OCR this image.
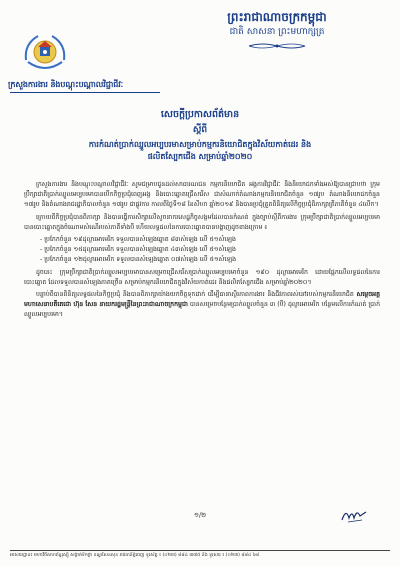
ព្រះរាជាណាចក្រកម្ពុជា
ជាតិ សាសនា ព្រះមហាក្សត្រ
ក្រសួងការងារ និងបណ្តុះបណ្តាលវិជ្ជាជីវៈ
សេចក្តីប្រកាសព័ត៌មាន
ស្តីពី
ការកំណត់ប្រាក់ឈ្នួលអប្បបរមាសម្រាប់កម្មករនិយោជិតក្នុងវិស័យកាត់ដេរ និង
ផលិតស្បែកជើង សម្រាប់ឆ្នាំ២០២០
ក្រសួងការងារ និងបណ្តុះបណ្តាលវិជ្ជាជីវៈ សូមជម្រាបជូនដល់សាធារណជន កម្មករនិយោជិត អង្គការវិជ្ជាជីវៈ និងនិយោជកទាំងអស់ឱ្យបានជ្រាបថា ក្រុមប្រឹក្សាជាតិប្រាក់ឈ្នួលអប្បបរមាបានបើកកិច្ចប្រជុំពេញអង្គ និងបោះឆ្នោតជ្រើសរើស ជាសំណាក់តំណាងកម្មករនិយោជិតចំនួន ១៧រូប តំណាងនិយោជកចំនួន ១៧រូប និងតំណាងរាជរដ្ឋាភិបាលចំនួន ១៧រូប ជាផ្លូវការ កាលពីថ្ងៃទី១៨ ខែសីហា ឆ្នាំ២០១៩ និងបានប្រជុំត្រួតពិនិត្យលើកិច្ចប្រជុំពិភាក្សាត្រីភាគីចំនួន ៤លើក។
ក្រោយពីកិច្ចប្រជុំបានពិភាក្សា និងបានធ្វើការសិក្សាលើសូចនាករសេដ្ឋកិច្ចសង្គមដែលបានកំណត់ ក្នុងច្បាប់ស្តីពីការងារ ក្រុមប្រឹក្សាជាតិប្រាក់ឈ្នួលអប្បបរមាបានបោះឆ្នោតក្នុងចំណោមសំណើរបស់ភាគីទាំងបី ហើយលទ្ធផលនៃការបោះឆ្នោតបានបង្ហាញដូចខាងក្រោម ៖
- ប្រកែកចំនួន ១៩ដុល្លារអាមេរិក ទទួលបានសំឡេងឆ្នោត ៨៣សំឡេង លើ ៥១សំឡេង
- ប្រកែកចំនួន ១៥ដុល្លារអាមេរិក ទទួលបានសំឡេងឆ្នោត ៤៣សំឡេង លើ ៥១សំឡេង
- ប្រកែកចំនួន ១២ដុល្លារអាមេរិក ទទួលបានសំឡេងឆ្នោត ០៧សំឡេង លើ ៥១សំឡេង
ដូចនេះ ក្រុមប្រឹក្សាជាតិប្រាក់ឈ្នួលអប្បបរមាបានសម្រេចជ្រើសរើសប្រាក់ឈ្នួលអប្បបរមាចំនួន ១៩០ ដុល្លារអាមេរិក ដោយផ្អែកលើលទ្ធផលនៃការបោះឆ្នោត ដែលទទួលបានសំឡេងភាគច្រើន សម្រាប់កម្មករនិយោជិតក្នុងវិស័យកាត់ដេរ និងផលិតស្បែកជើង សម្រាប់ឆ្នាំ២០២០។
បន្ទាប់ពីបានពិនិត្យលទ្ធផលនៃកិច្ចប្រជុំ និងបានពិភាក្សាយ៉ាងយកចិត្តទុកដាក់ ដើម្បីធានាស្ថិរភាពការងារ និងជីវភាពរស់នៅរបស់កម្មករនិយោជិត សម្តេចអគ្គមហាសេនាបតីតេជោ ហ៊ុន សែន នាយករដ្ឋមន្ត្រីនៃព្រះរាជាណាចក្រកម្ពុជា បានសម្រេចបន្ថែមប្រាក់ឈ្នួលចំនួន ៣ (បី) ដុល្លារអាមេរិក បន្ថែមលើការកំណត់ ប្រាក់ឈ្នួលអប្បបរមា។
១/២
អាសយដ្ឋាន៖ មហាវិថីសហព័ន្ធរុស្ស៊ី សង្កាត់ទឹកថ្លា ខណ្ឌសែនសុខ រាជធានីភ្នំពេញ ទូរស័ព្ទ ៖ (០២៣) ៨៨៤ ៣៧៥ និង ទូរសារ ៖ (០២៣) ៨៨៤ ៦៨
